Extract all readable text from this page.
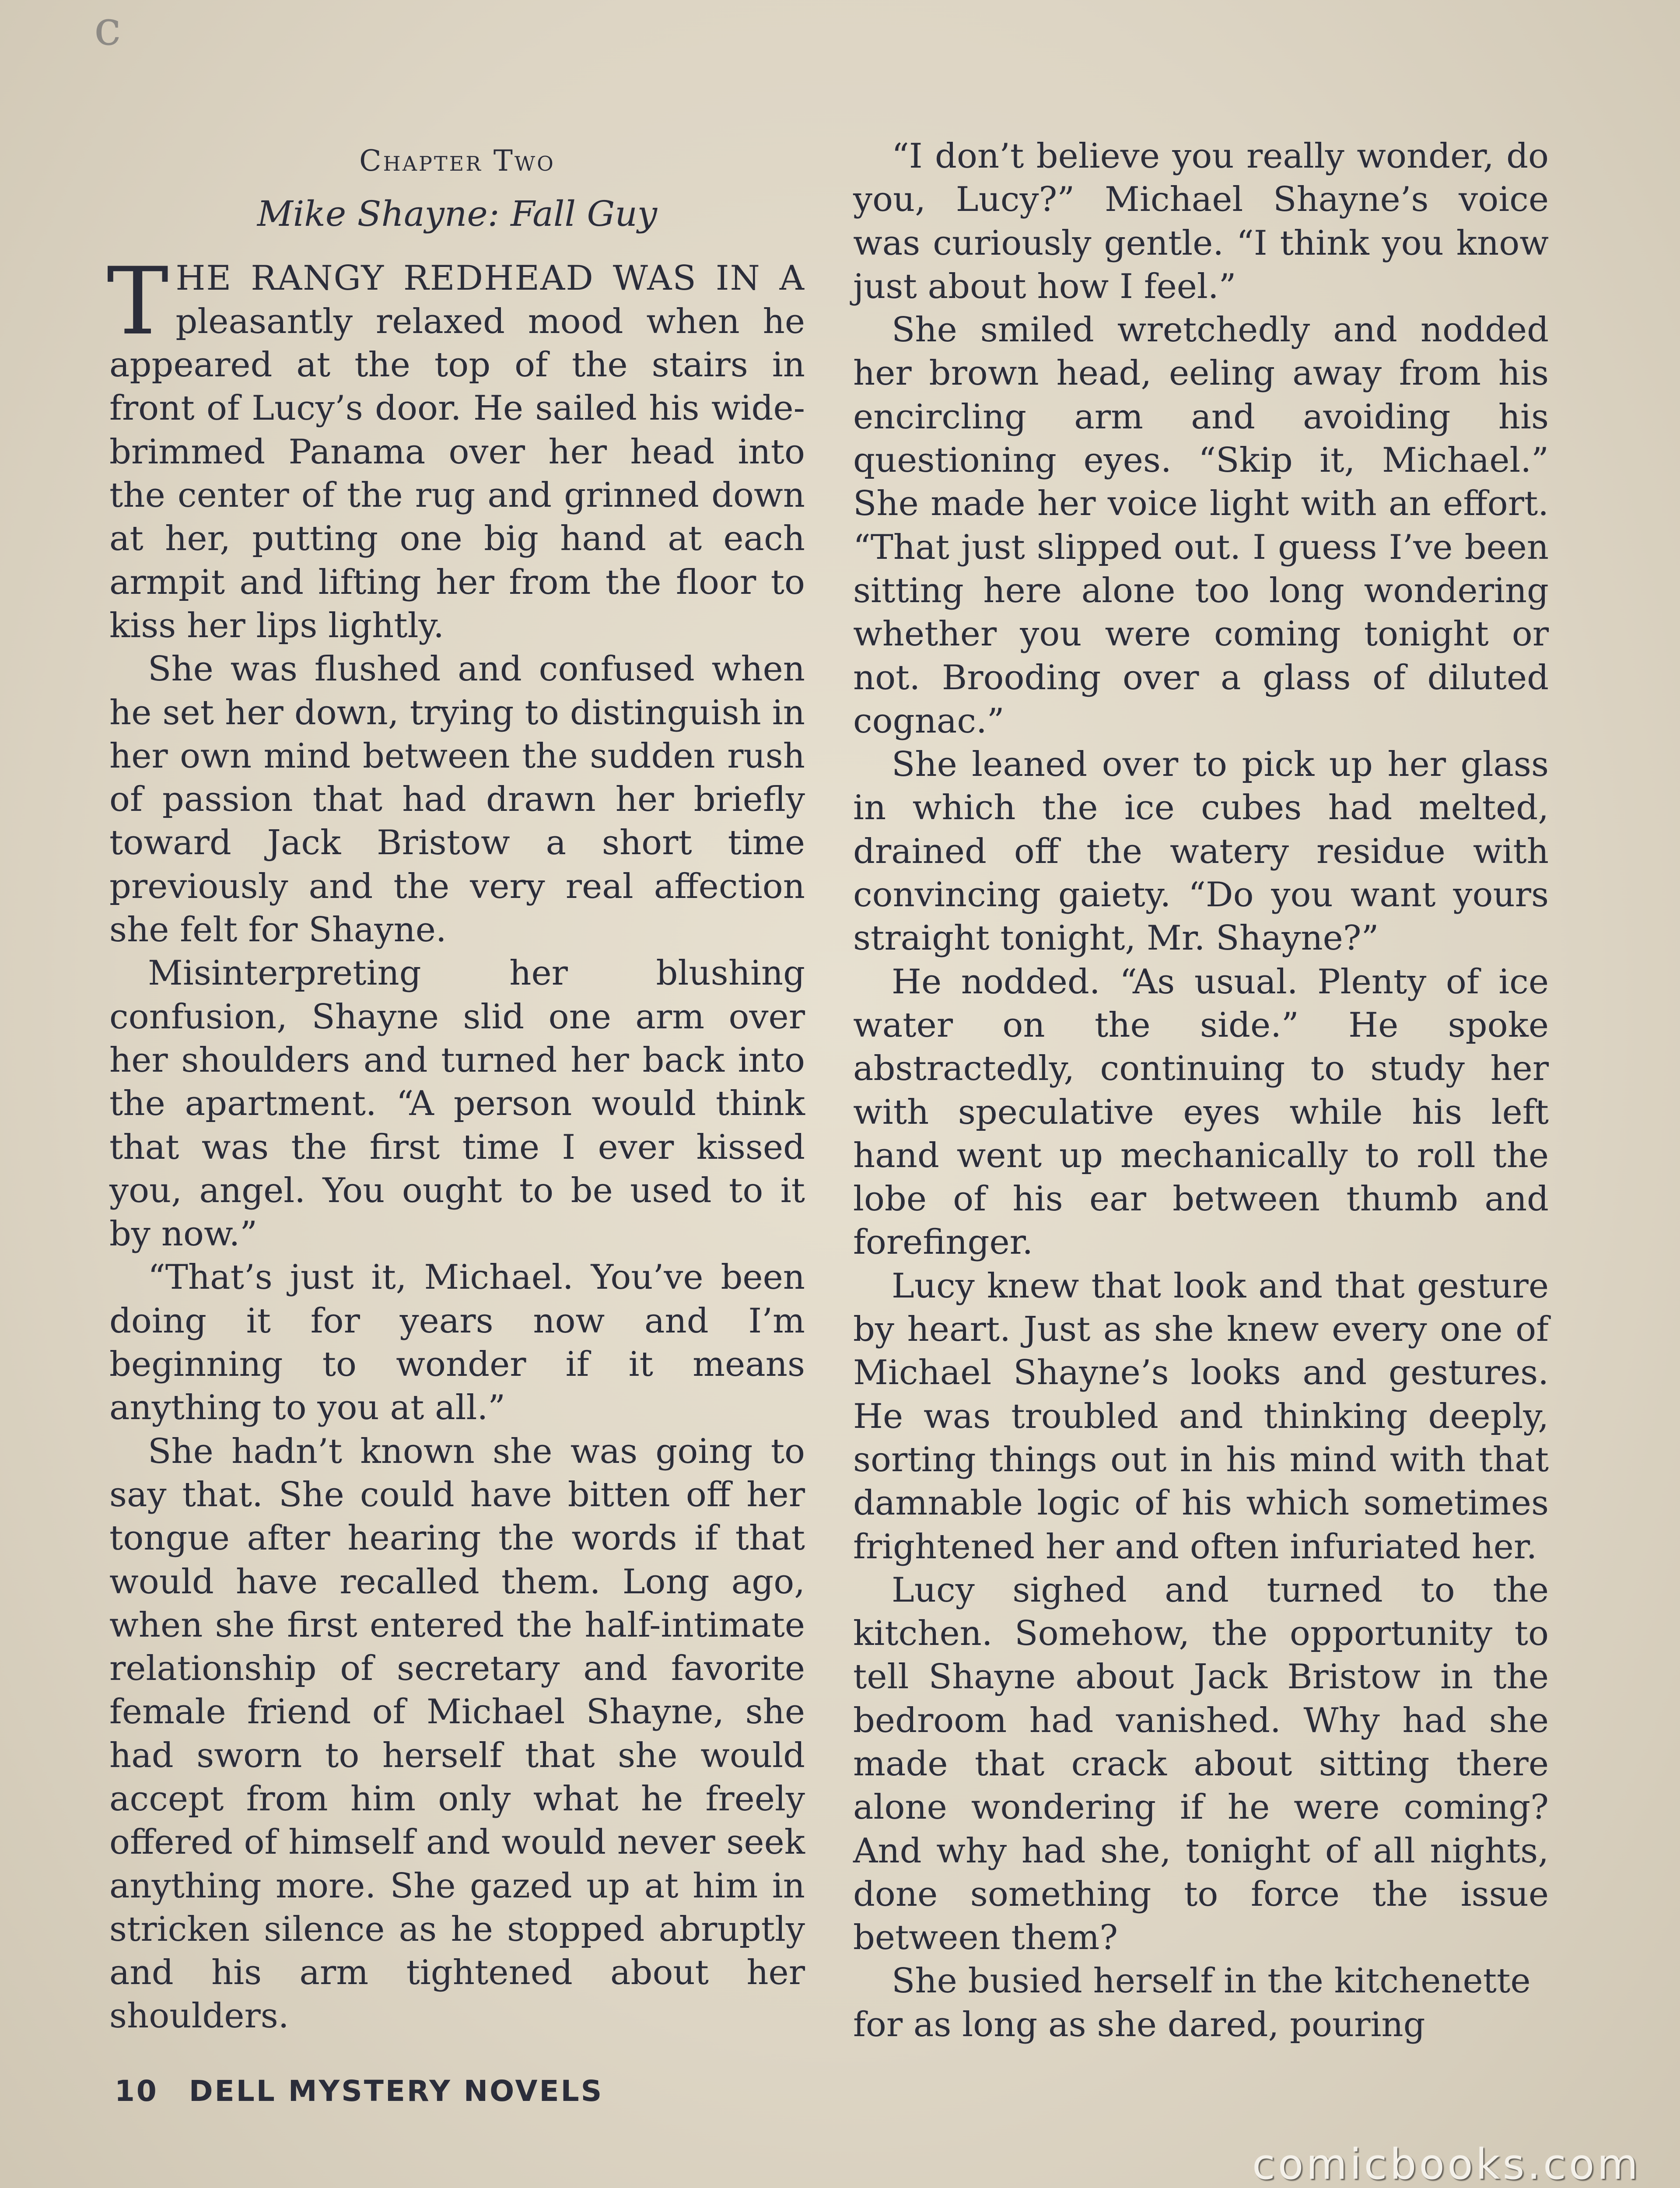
c
Chapter Two
Mike Shayne: Fall Guy

THE RANGY REDHEAD WAS IN A pleasantly relaxed mood when he appeared at the top of the stairs in front of Lucy’s door. He sailed his wide-brimmed Panama over her head into the center of the rug and grinned down at her, putting one big hand at each armpit and lifting her from the floor to kiss her lips lightly.

She was flushed and confused when he set her down, trying to distinguish in her own mind between the sudden rush of passion that had drawn her briefly toward Jack Bristow a short time previously and the very real affection she felt for Shayne.

Misinterpreting her blushing confusion, Shayne slid one arm over her shoulders and turned her back into the apartment. “A person would think that was the first time I ever kissed you, angel. You ought to be used to it by now.”

“That’s just it, Michael. You’ve been doing it for years now and I’m beginning to wonder if it means anything to you at all.”

She hadn’t known she was going to say that. She could have bitten off her tongue after hearing the words if that would have recalled them. Long ago, when she first entered the half-intimate relationship of secretary and favorite female friend of Michael Shayne, she had sworn to herself that she would accept from him only what he freely offered of himself and would never seek anything more. She gazed up at him in stricken silence as he stopped abruptly and his arm tightened about her shoulders.

“I don’t believe you really wonder, do you, Lucy?” Michael Shayne’s voice was curiously gentle. “I think you know just about how I feel.”

She smiled wretchedly and nodded her brown head, eeling away from his encircling arm and avoiding his questioning eyes. “Skip it, Michael.” She made her voice light with an effort. “That just slipped out. I guess I’ve been sitting here alone too long wondering whether you were coming tonight or not. Brooding over a glass of diluted cognac.”

She leaned over to pick up her glass in which the ice cubes had melted, drained off the watery residue with convincing gaiety. “Do you want yours straight tonight, Mr. Shayne?”

He nodded. “As usual. Plenty of ice water on the side.” He spoke abstractedly, continuing to study her with speculative eyes while his left hand went up mechanically to roll the lobe of his ear between thumb and forefinger.

Lucy knew that look and that gesture by heart. Just as she knew every one of Michael Shayne’s looks and gestures. He was troubled and thinking deeply, sorting things out in his mind with that damnable logic of his which sometimes frightened her and often infuriated her.

Lucy sighed and turned to the kitchen. Somehow, the opportunity to tell Shayne about Jack Bristow in the bedroom had vanished. Why had she made that crack about sitting there alone wondering if he were coming? And why had she, tonight of all nights, done something to force the issue between them?

She busied herself in the kitchenette for as long as she dared, pouring

10 DELL MYSTERY NOVELS
comicbooks.com
